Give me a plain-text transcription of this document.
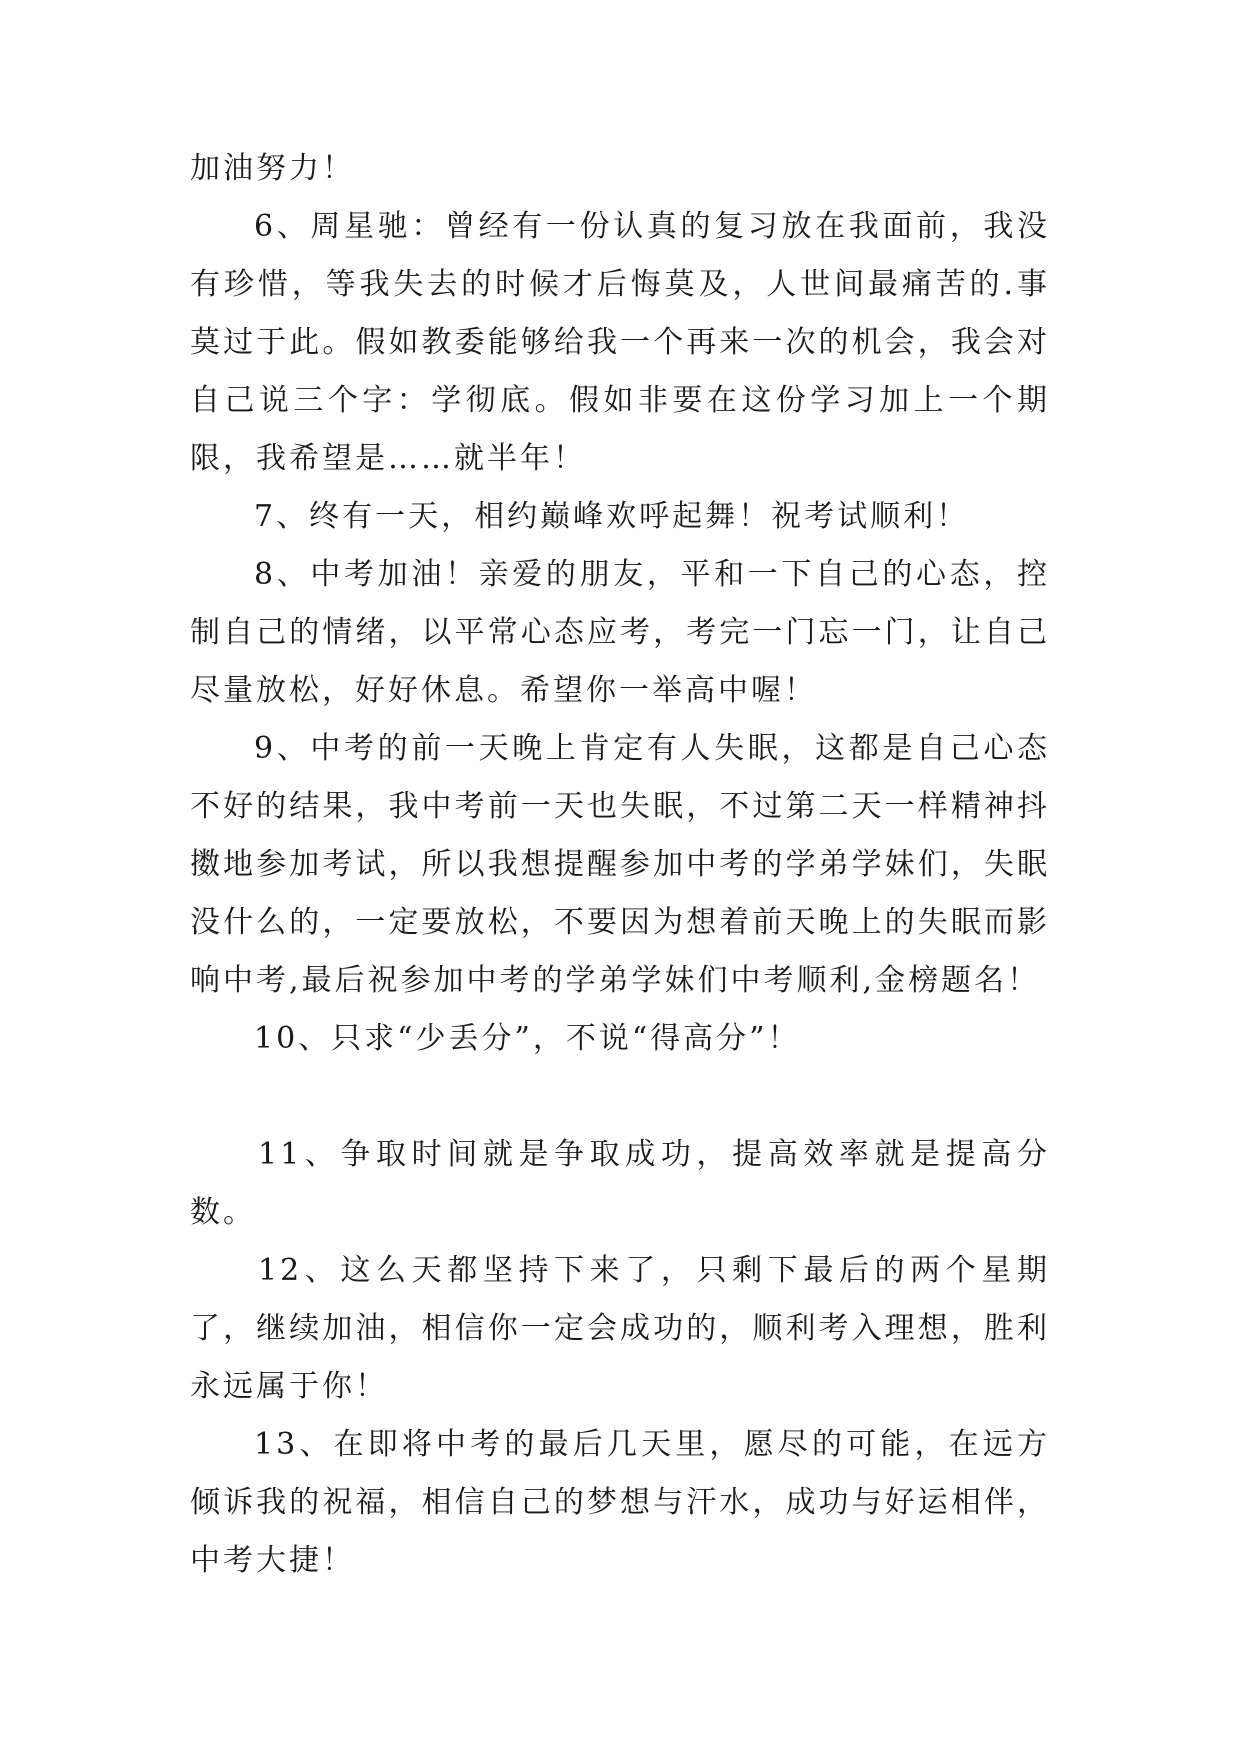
加油努力！

6、周星驰：曾经有一份认真的复习放在我面前，我没有珍惜，等我失去的时候才后悔莫及，人世间最痛苦的.事莫过于此。假如教委能够给我一个再来一次的机会，我会对自己说三个字：学彻底。假如非要在这份学习加上一个期限，我希望是……就半年！

7、终有一天，相约巅峰欢呼起舞！祝考试顺利！

8、中考加油！亲爱的朋友，平和一下自己的心态，控制自己的情绪，以平常心态应考，考完一门忘一门，让自己尽量放松，好好休息。希望你一举高中喔！

9、中考的前一天晚上肯定有人失眠，这都是自己心态不好的结果，我中考前一天也失眠，不过第二天一样精神抖擞地参加考试，所以我想提醒参加中考的学弟学妹们，失眠没什么的，一定要放松，不要因为想着前天晚上的失眠而影响中考,最后祝参加中考的学弟学妹们中考顺利,金榜题名！

10、只求“少丢分”，不说“得高分”！

11、争取时间就是争取成功，提高效率就是提高分数。

12、这么天都坚持下来了，只剩下最后的两个星期了，继续加油，相信你一定会成功的，顺利考入理想，胜利永远属于你！

13、在即将中考的最后几天里，愿尽的可能，在远方倾诉我的祝福，相信自己的梦想与汗水，成功与好运相伴，中考大捷！
